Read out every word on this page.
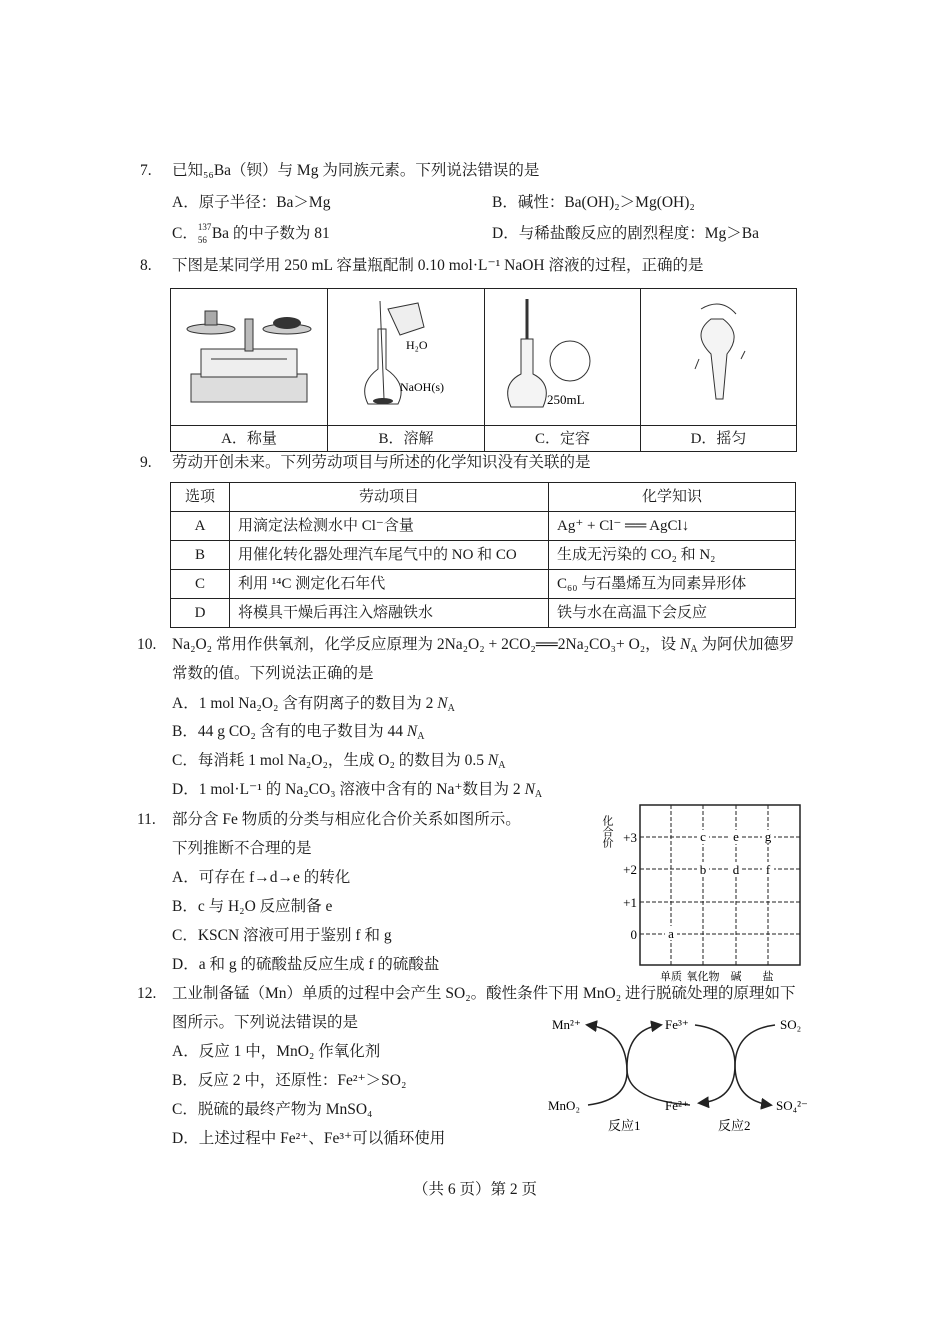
7. 已知₅₆Ba（钡）与 Mg 为同族元素。下列说法错误的是
A．原子半径：Ba＞Mg	B．碱性：Ba(OH)₂＞Mg(OH)₂
C． 137
56 Ba 的中子数为 81	D．与稀盐酸反应的剧烈程度：Mg＞Ba
8. 下图是某同学用 250 mL 容量瓶配制 0.10 mol·L⁻¹ NaOH 溶液的过程，正确的是

H₂O
NaOH(s)	250mL

A．称量	B．溶解	C．定容	D．摇匀
9. 劳动开创未来。下列劳动项目与所述的化学知识没有关联的是
选项	劳动项目	化学知识
A	用滴定法检测水中 Cl⁻含量	Ag⁺ + Cl⁻ ══ AgCl↓
B	用催化转化器处理汽车尾气中的 NO 和 CO	生成无污染的 CO₂ 和 N₂
C	利用 ¹⁴C 测定化石年代	C₆₀ 与石墨烯互为同素异形体
D	将模具干燥后再注入熔融铁水	铁与水在高温下会反应
10. Na₂O₂ 常用作供氧剂，化学反应原理为 2Na₂O₂ + 2CO₂══2Na₂CO₃+ O₂，设 $N_A$ 为阿伏加德罗
常数的值。下列说法正确的是
A．1 mol Na₂O₂ 含有阴离子的数目为 2 $N_A$
B．44 g CO₂ 含有的电子数目为 44 $N_A$
C．每消耗 1 mol Na₂O₂，生成 O₂ 的数目为 0.5 $N_A$
D．1 mol·L⁻¹ 的 Na₂CO₃ 溶液中含有的 Na⁺数目为 2 $N_A$
11. 部分含 Fe 物质的分类与相应化合价关系如图所示。
下列推断不合理的是
A．可存在 f→d→e 的转化
B．c 与 H₂O 反应制备 e
C．KSCN 溶液可用于鉴别 f 和 g
D．a 和 g 的硫酸盐反应生成 f 的硫酸盐
化合价 +3
+2
+1
0
单质 氧化物 碱 盐
a
b
c
d
e
f
g
12. 工业制备锰（Mn）单质的过程中会产生 SO₂。酸性条件下用 MnO₂ 进行脱硫处理的原理如下
图所示。下列说法错误的是
A．反应 1 中，MnO₂ 作氧化剂
B．反应 2 中，还原性：Fe²⁺＞SO₂
C．脱硫的最终产物为 MnSO₄
D．上述过程中 Fe²⁺、Fe³⁺可以循环使用
Mn²⁺	Fe³⁺	SO₂
MnO₂	Fe²⁺	SO₄²⁻
反应1	反应2
（共 6 页）第 2 页
